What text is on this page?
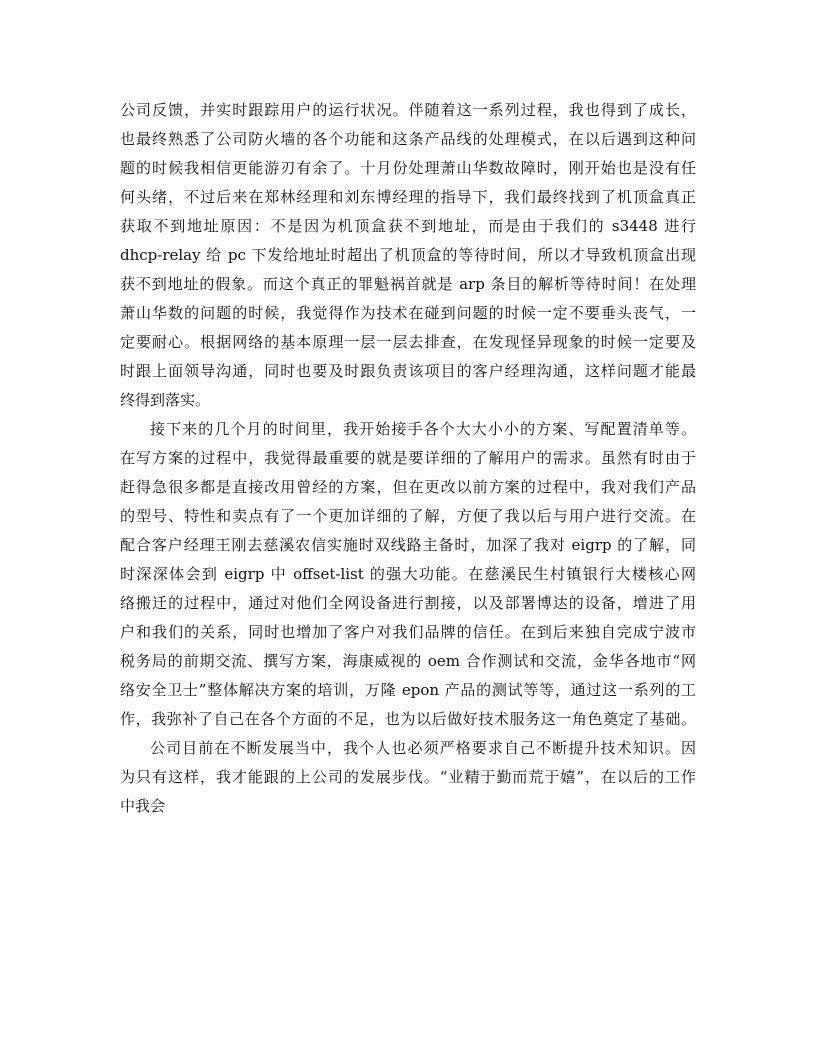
公司反馈，并实时跟踪用户的运行状况。伴随着这一系列过程，我也得到了成长，
也最终熟悉了公司防火墙的各个功能和这条产品线的处理模式，在以后遇到这种问
题的时候我相信更能游刃有余了。十月份处理萧山华数故障时，刚开始也是没有任
何头绪，不过后来在郑林经理和刘东博经理的指导下，我们最终找到了机顶盒真正
获取不到地址原因：不是因为机顶盒获不到地址，而是由于我们的 s3448 进行
dhcp-relay 给 pc 下发给地址时超出了机顶盒的等待时间，所以才导致机顶盒出现
获不到地址的假象。而这个真正的罪魁祸首就是 arp 条目的解析等待时间！在处理
萧山华数的问题的时候，我觉得作为技术在碰到问题的时候一定不要垂头丧气，一
定要耐心。根据网络的基本原理一层一层去排查，在发现怪异现象的时候一定要及
时跟上面领导沟通，同时也要及时跟负责该项目的客户经理沟通，这样问题才能最
终得到落实。
接下来的几个月的时间里，我开始接手各个大大小小的方案、写配置清单等。
在写方案的过程中，我觉得最重要的就是要详细的了解用户的需求。虽然有时由于
赶得急很多都是直接改用曾经的方案，但在更改以前方案的过程中，我对我们产品
的型号、特性和卖点有了一个更加详细的了解，方便了我以后与用户进行交流。在
配合客户经理王刚去慈溪农信实施时双线路主备时，加深了我对 eigrp 的了解，同
时深深体会到 eigrp 中 offset-list 的强大功能。在慈溪民生村镇银行大楼核心网
络搬迁的过程中，通过对他们全网设备进行割接，以及部署博达的设备，增进了用
户和我们的关系，同时也增加了客户对我们品牌的信任。在到后来独自完成宁波市
税务局的前期交流、撰写方案，海康威视的 oem 合作测试和交流，金华各地市“网
络安全卫士”整体解决方案的培训，万隆 epon 产品的测试等等，通过这一系列的工
作，我弥补了自己在各个方面的不足，也为以后做好技术服务这一角色奠定了基础。
公司目前在不断发展当中，我个人也必须严格要求自己不断提升技术知识。因
为只有这样，我才能跟的上公司的发展步伐。“业精于勤而荒于嬉”，在以后的工作
中我会
